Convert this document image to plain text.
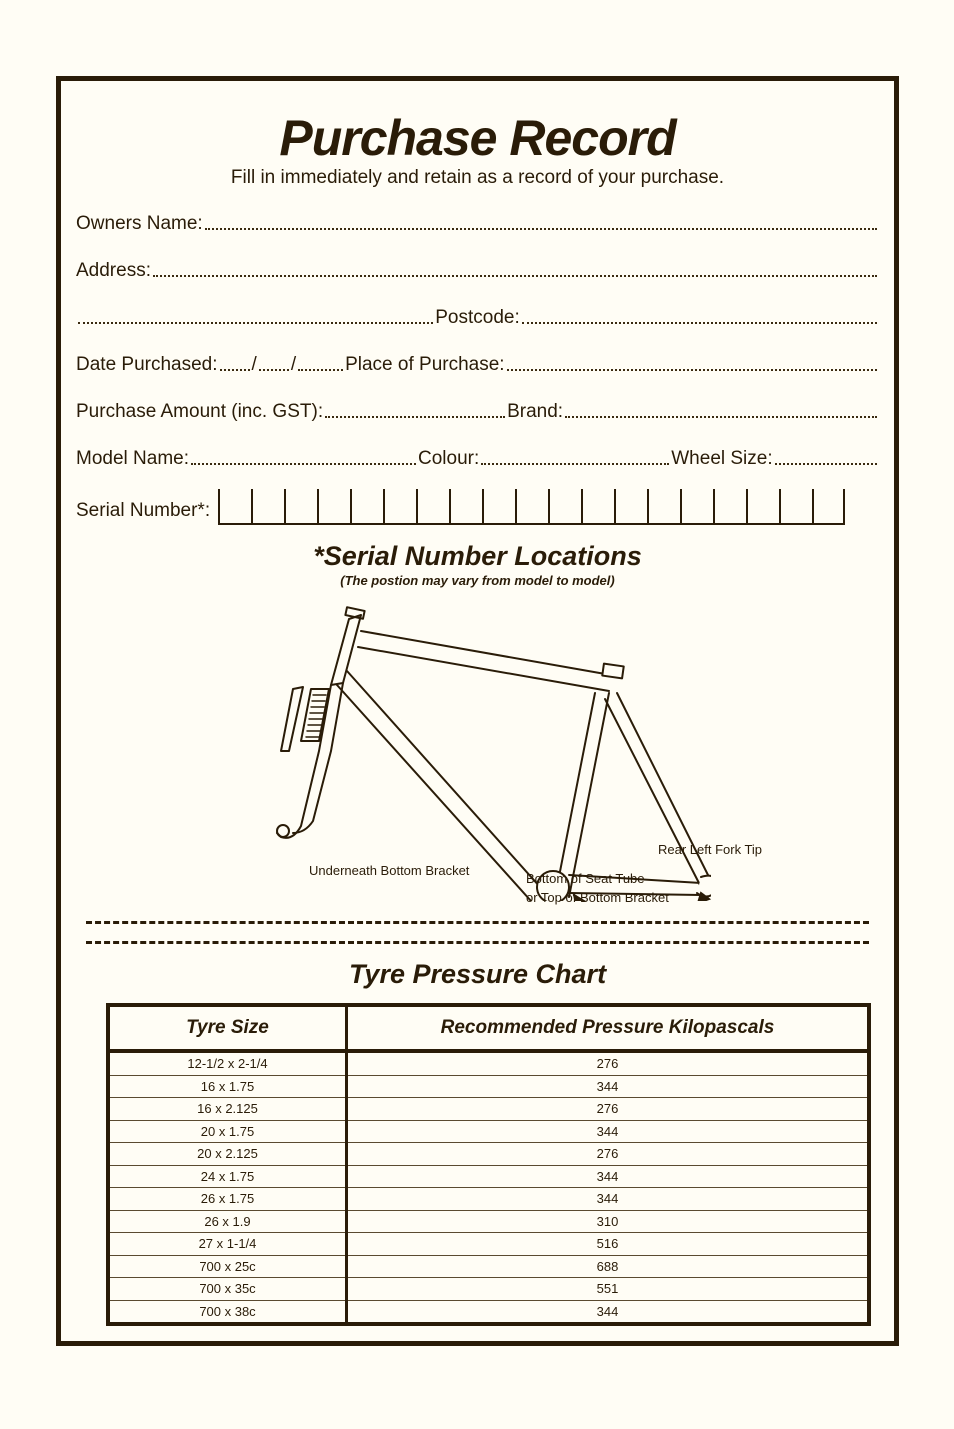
Purchase Record
Fill in immediately and retain as a record of your purchase.
Owners Name:
Address:
Postcode:
Date Purchased: / /	Place of Purchase:
Purchase Amount (inc. GST):	Brand:
Model Name:	Colour:	Wheel Size:
Serial Number*:
*Serial Number Locations
(The postion may vary from model to model)
Underneath Bottom Bracket
Bottom of Seat Tube
or Top of Bottom Bracket
Rear Left Fork Tip
Tyre Pressure Chart
Tyre Size	Recommended Pressure Kilopascals
12-1/2 x 2-1/4	276
16 x 1.75	344
16 x 2.125	276
20 x 1.75	344
20 x 2.125	276
24 x 1.75	344
26 x 1.75	344
26 x 1.9	310
27 x 1-1/4	516
700 x 25c	688
700 x 35c	551
700 x 38c	344
